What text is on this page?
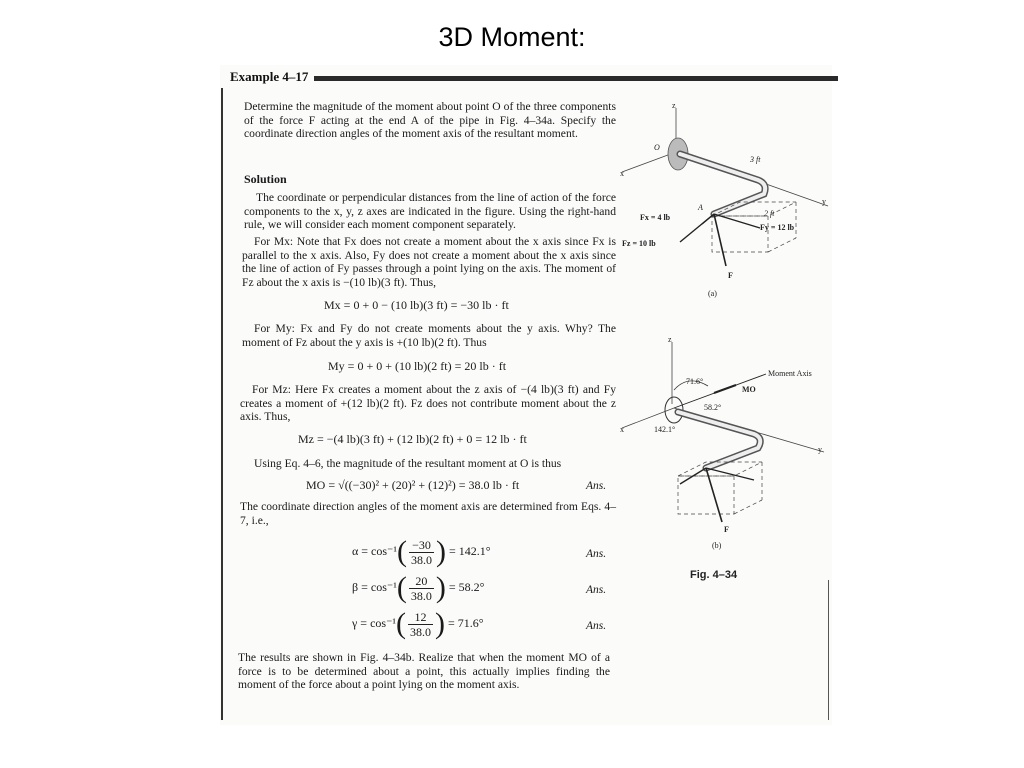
3D Moment:
Example 4–17
Determine the magnitude of the moment about point O of the three components of the force F acting at the end A of the pipe in Fig. 4–34a. Specify the coordinate direction angles of the moment axis of the resultant moment.
Solution
The coordinate or perpendicular distances from the line of action of the force components to the x, y, z axes are indicated in the figure. Using the right-hand rule, we will consider each moment component separately.
For Mx: Note that Fx does not create a moment about the x axis since Fx is parallel to the x axis. Also, Fy does not create a moment about the x axis since the line of action of Fy passes through a point lying on the axis. The moment of Fz about the x axis is −(10 lb)(3 ft). Thus,
Mx = 0 + 0 − (10 lb)(3 ft) = −30 lb · ft
For My: Fx and Fy do not create moments about the y axis. Why? The moment of Fz about the y axis is +(10 lb)(2 ft). Thus
My = 0 + 0 + (10 lb)(2 ft) = 20 lb · ft
For Mz: Here Fx creates a moment about the z axis of −(4 lb)(3 ft) and Fy creates a moment of +(12 lb)(2 ft). Fz does not contribute moment about the z axis. Thus,
Mz = −(4 lb)(3 ft) + (12 lb)(2 ft) + 0 = 12 lb · ft
Using Eq. 4–6, the magnitude of the resultant moment at O is thus
MO = √((−30)² + (20)² + (12)²) = 38.0 lb · ft	Ans.
The coordinate direction angles of the moment axis are determined from Eqs. 4–7, i.e.,
$\alpha = \cos^{-1}( \frac{-30}{38.0}$ ) = 142.1°	Ans.
$\beta = \cos^{-1}( \frac{20}{38.0}$ ) = 58.2°	Ans.
$\gamma = \cos^{-1}( \frac{12}{38.0}$ ) = 71.6°	Ans.
The results are shown in Fig. 4–34b. Realize that when the moment MO of a force is to be determined about a point, this actually implies finding the moment of the force about a point lying on the moment axis.
z
x
y
O
A
3 ft
2 ft
Fx = 4 lb
Fy = 12 lb
Fz = 10 lb
F
(a)
z
x
y
Moment Axis
MO
71.6°
58.2°
142.1°
F
(b)
Fig. 4–34
